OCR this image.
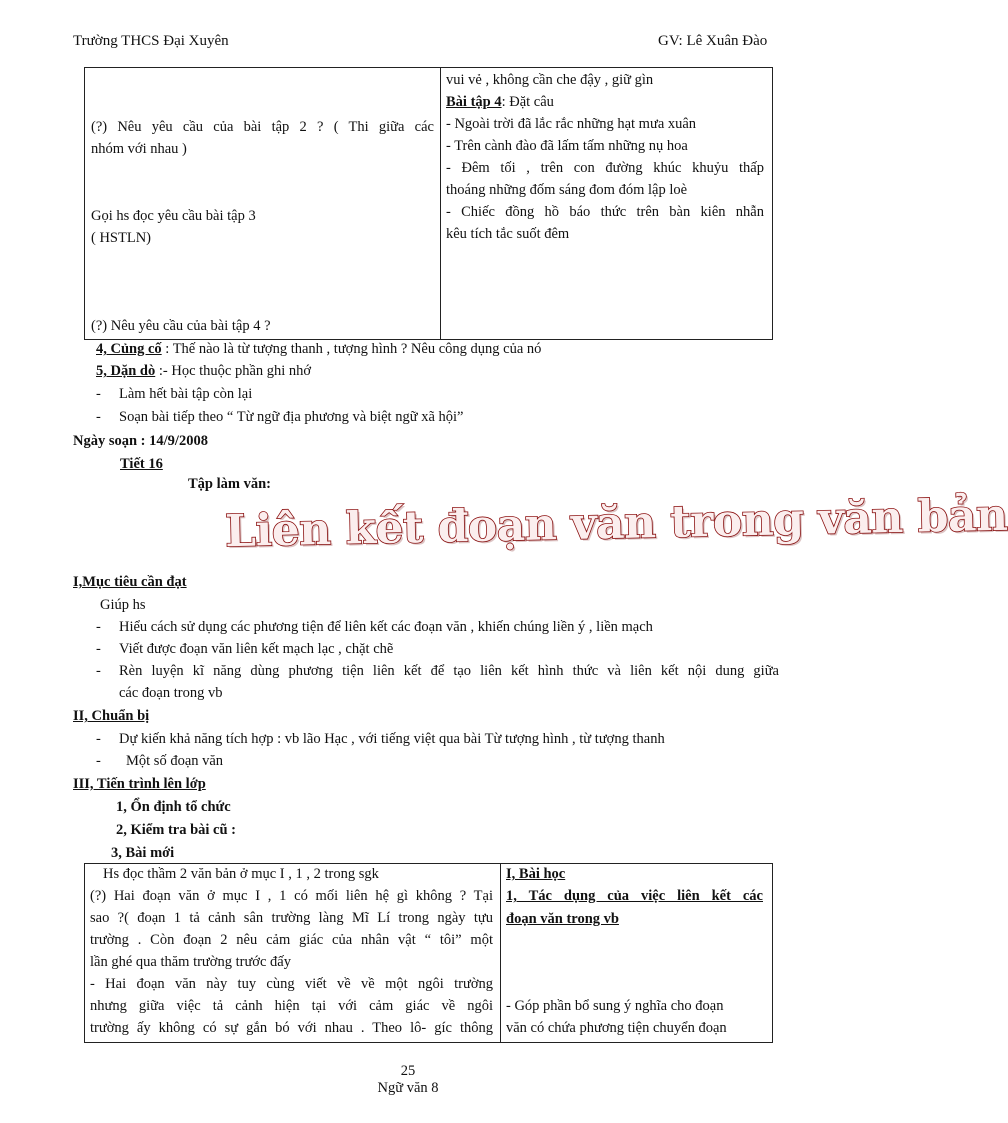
Trường THCS Đại Xuyên	GV: Lê Xuân Đào
(?) Nêu yêu cầu của bài tập 2 ? ( Thi giữa các
nhóm với nhau )
Gọi hs đọc yêu cầu bài tập 3
( HSTLN)
(?) Nêu yêu cầu của bài tập 4 ?

vui vẻ , không cần che đậy , giữ gìn
Bài tập 4: Đặt câu
- Ngoài trời đã lắc rắc những hạt mưa xuân
- Trên cành đào đã lấm tấm những nụ hoa
- Đêm tối , trên con đường khúc khuỷu thấp
thoáng những đốm sáng đom đóm lập loè
- Chiếc đồng hồ báo thức trên bàn kiên nhẫn
kêu tích tắc suốt đêm
4, Củng cố : Thế nào là từ tượng thanh , tượng hình ? Nêu công dụng của nó
5, Dặn dò :- Học thuộc phần ghi nhớ
- Làm hết bài tập còn lại
- Soạn bài tiếp theo “ Từ ngữ địa phương và biệt ngữ xã hội”
Ngày soạn : 14/9/2008
Tiết 16
Tập làm văn:
Liên kết đoạn văn trong văn bản
I,Mục tiêu cần đạt
Giúp hs
- Hiểu cách sử dụng các phương tiện để liên kết các đoạn văn , khiến chúng liền ý , liền mạch
- Viết được đoạn văn liên kết mạch lạc , chặt chẽ
- Rèn luyện kĩ năng dùng phương tiện liên kết để tạo liên kết hình thức và liên kết nội dung giữa
các đoạn trong vb
II, Chuẩn bị
- Dự kiến khả năng tích hợp : vb lão Hạc , với tiếng việt qua bài Từ tượng hình , từ tượng thanh
- Một số đoạn văn
III, Tiến trình lên lớp
1, Ổn định tổ chức
2, Kiểm tra bài cũ :
3, Bài mới
Hs đọc thầm 2 văn bản ở mục I , 1 , 2 trong sgk
(?) Hai đoạn văn ở mục I , 1 có mối liên hệ gì không ? Tại
sao ?( đoạn 1 tả cảnh sân trường làng Mĩ Lí trong ngày tựu
trường . Còn đoạn 2 nêu cảm giác của nhân vật “ tôi” một
lần ghé qua thăm trường trước đấy
- Hai đoạn văn này tuy cùng viết về về một ngôi trường
nhưng giữa việc tả cảnh hiện tại với cảm giác về ngôi
trường ấy không có sự gắn bó với nhau . Theo lô- gíc thông

I, Bài học
1, Tác dụng của việc liên kết các
đoạn văn trong vb
- Góp phần bổ sung ý nghĩa cho đoạn
văn có chứa phương tiện chuyển đoạn
25
Ngữ văn 8
